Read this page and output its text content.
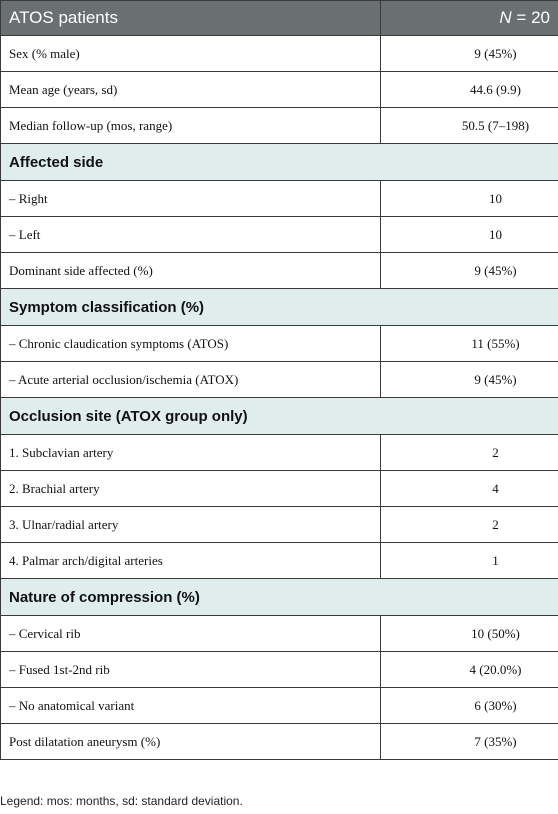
ATOS patients	N = 20
Sex (% male)	9 (45%)
Mean age (years, sd)	44.6 (9.9)
Median follow-up (mos, range)	50.5 (7–198)
Affected side	
– Right	10
– Left	10
Dominant side affected (%)	9 (45%)
Symptom classification (%)	
– Chronic claudication symptoms (ATOS)	11 (55%)
– Acute arterial occlusion/ischemia (ATOX)	9 (45%)
Occlusion site (ATOX group only)	
1. Subclavian artery	2
2. Brachial artery	4
3. Ulnar/radial artery	2
4. Palmar arch/digital arteries	1
Nature of compression (%)	
– Cervical rib	10 (50%)
– Fused 1st-2nd rib	4 (20.0%)
– No anatomical variant	6 (30%)
Post dilatation aneurysm (%)	7 (35%)
Legend: mos: months, sd: standard deviation.
